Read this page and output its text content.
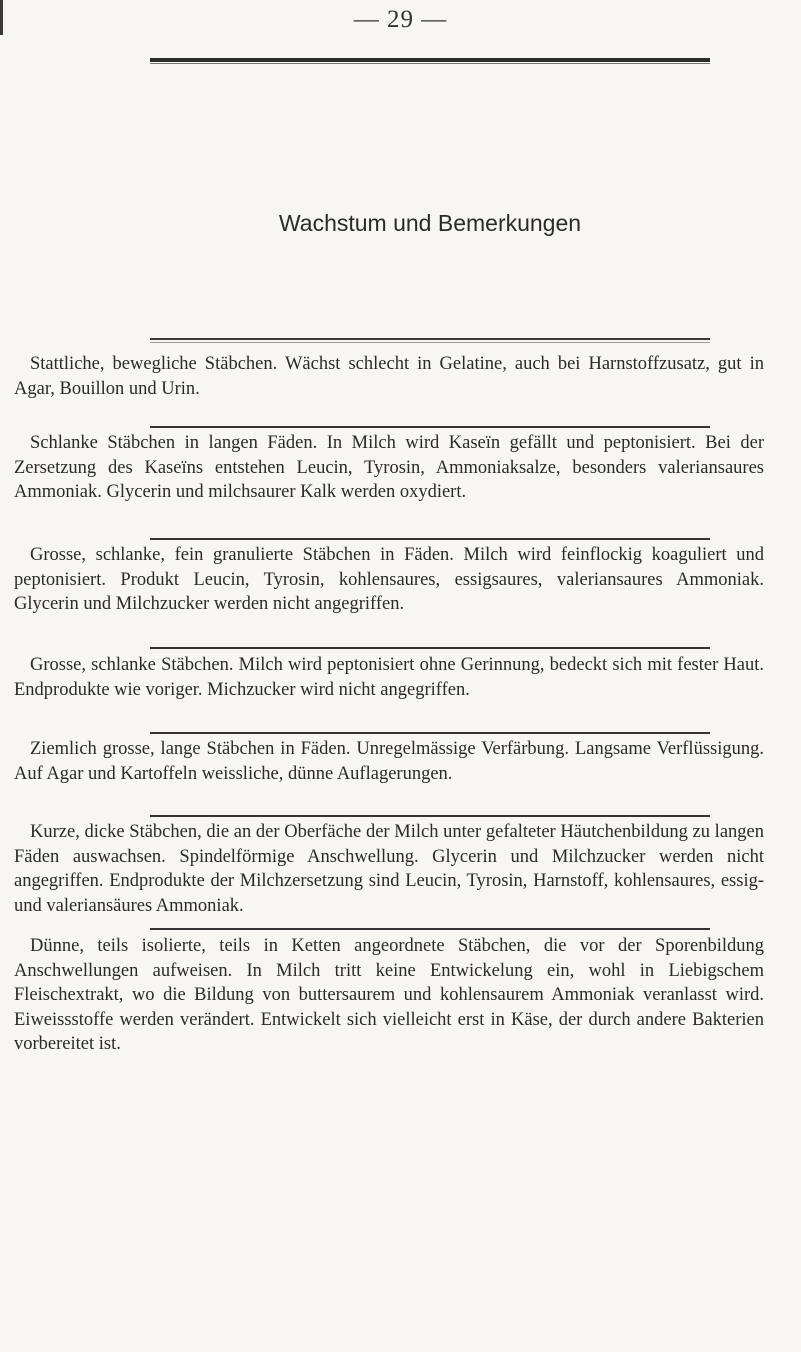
— 29 —
Wachstum und Bemerkungen
Stattliche, bewegliche Stäbchen. Wächst schlecht in Gelatine, auch bei Harnstoffzusatz, gut in Agar, Bouillon und Urin.
Schlanke Stäbchen in langen Fäden. In Milch wird Kaseïn gefällt und peptonisiert. Bei der Zersetzung des Kaseïns entstehen Leucin, Tyrosin, Ammoniaksalze, besonders valeriansaures Ammoniak. Glycerin und milchsaurer Kalk werden oxydiert.
Grosse, schlanke, fein granulierte Stäbchen in Fäden. Milch wird feinflockig koaguliert und peptonisiert. Produkt Leucin, Tyrosin, kohlensaures, essigsaures, valeriansaures Ammoniak. Glycerin und Milchzucker werden nicht angegriffen.
Grosse, schlanke Stäbchen. Milch wird peptonisiert ohne Gerinnung, bedeckt sich mit fester Haut. Endprodukte wie voriger. Michzucker wird nicht angegriffen.
Ziemlich grosse, lange Stäbchen in Fäden. Unregelmässige Verfärbung. Langsame Verflüssigung. Auf Agar und Kartoffeln weissliche, dünne Auflagerungen.
Kurze, dicke Stäbchen, die an der Oberfäche der Milch unter gefalteter Häutchenbildung zu langen Fäden auswachsen. Spindelförmige Anschwellung. Glycerin und Milchzucker werden nicht angegriffen. Endprodukte der Milchzersetzung sind Leucin, Tyrosin, Harnstoff, kohlensaures, essig- und valeriansäures Ammoniak.
Dünne, teils isolierte, teils in Ketten angeordnete Stäbchen, die vor der Sporenbildung Anschwellungen aufweisen. In Milch tritt keine Entwickelung ein, wohl in Liebigschem Fleischextrakt, wo die Bildung von buttersaurem und kohlensaurem Ammoniak veranlasst wird. Eiweissstoffe werden verändert. Entwickelt sich vielleicht erst in Käse, der durch andere Bakterien vorbereitet ist.
